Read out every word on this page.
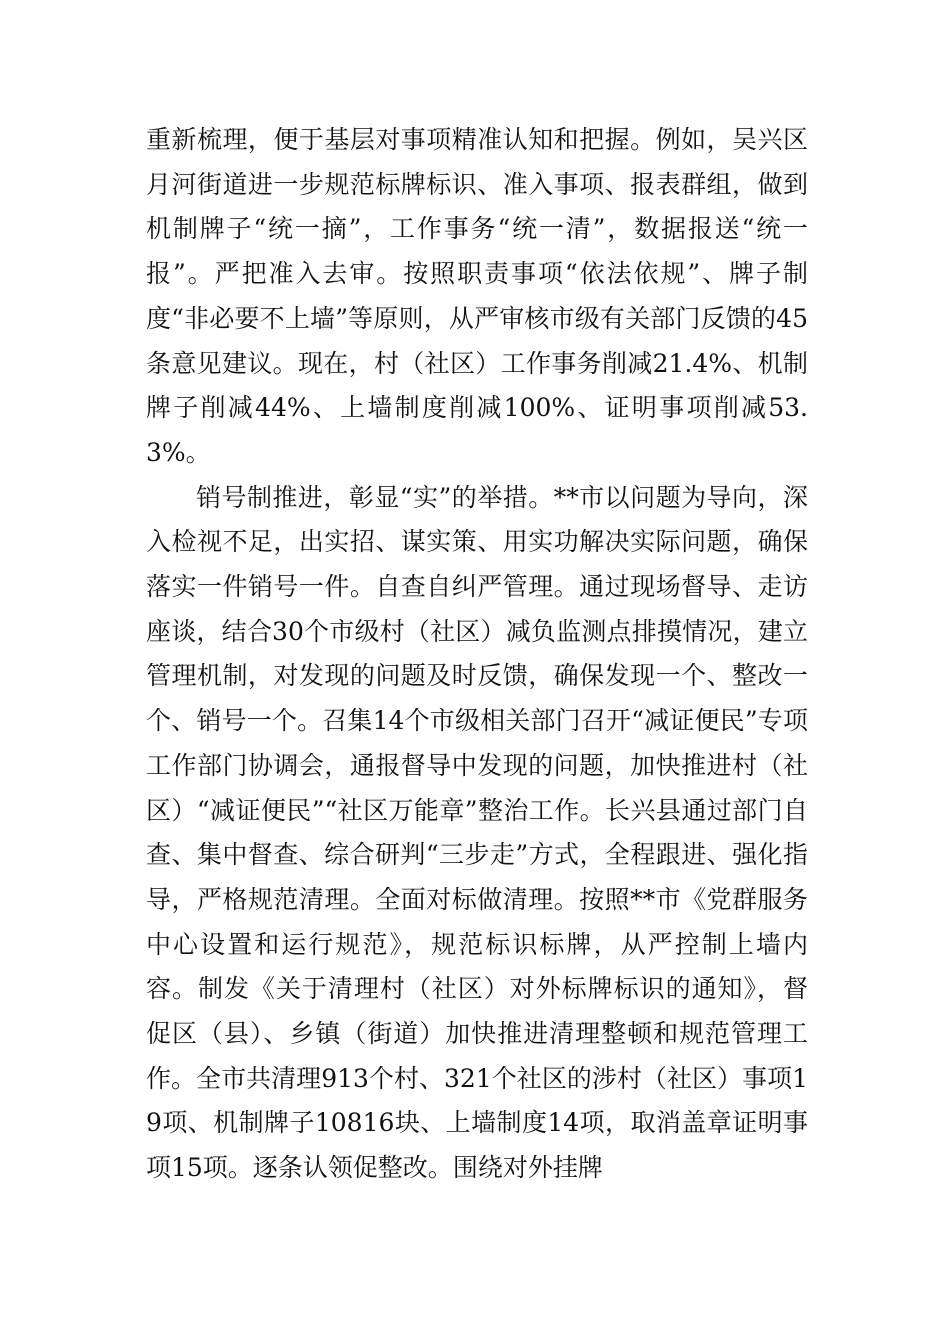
重新梳理，便于基层对事项精准认知和把握。例如，吴兴区月河街道进一步规范标牌标识、准入事项、报表群组，做到机制牌子“统一摘”，工作事务“统一清”，数据报送“统一报”。严把准入去审。按照职责事项“依法依规”、牌子制度“非必要不上墙”等原则，从严审核市级有关部门反馈的45条意见建议。现在，村（社区）工作事务削减21.4%、机制牌子削减44%、上墙制度削减100%、证明事项削减53.3%。

销号制推进，彰显“实”的举措。**市以问题为导向，深入检视不足，出实招、谋实策、用实功解决实际问题，确保落实一件销号一件。自查自纠严管理。通过现场督导、走访座谈，结合30个市级村（社区）减负监测点排摸情况，建立管理机制，对发现的问题及时反馈，确保发现一个、整改一个、销号一个。召集14个市级相关部门召开“减证便民”专项工作部门协调会，通报督导中发现的问题，加快推进村（社区）“减证便民”“社区万能章”整治工作。长兴县通过部门自查、集中督查、综合研判“三步走”方式，全程跟进、强化指导，严格规范清理。全面对标做清理。按照**市《党群服务中心设置和运行规范》，规范标识标牌，从严控制上墙内容。制发《关于清理村（社区）对外标牌标识的通知》，督促区（县）、乡镇（街道）加快推进清理整顿和规范管理工作。全市共清理913个村、321个社区的涉村（社区）事项19项、机制牌子10816块、上墙制度14项，取消盖章证明事项15项。逐条认领促整改。围绕对外挂牌
